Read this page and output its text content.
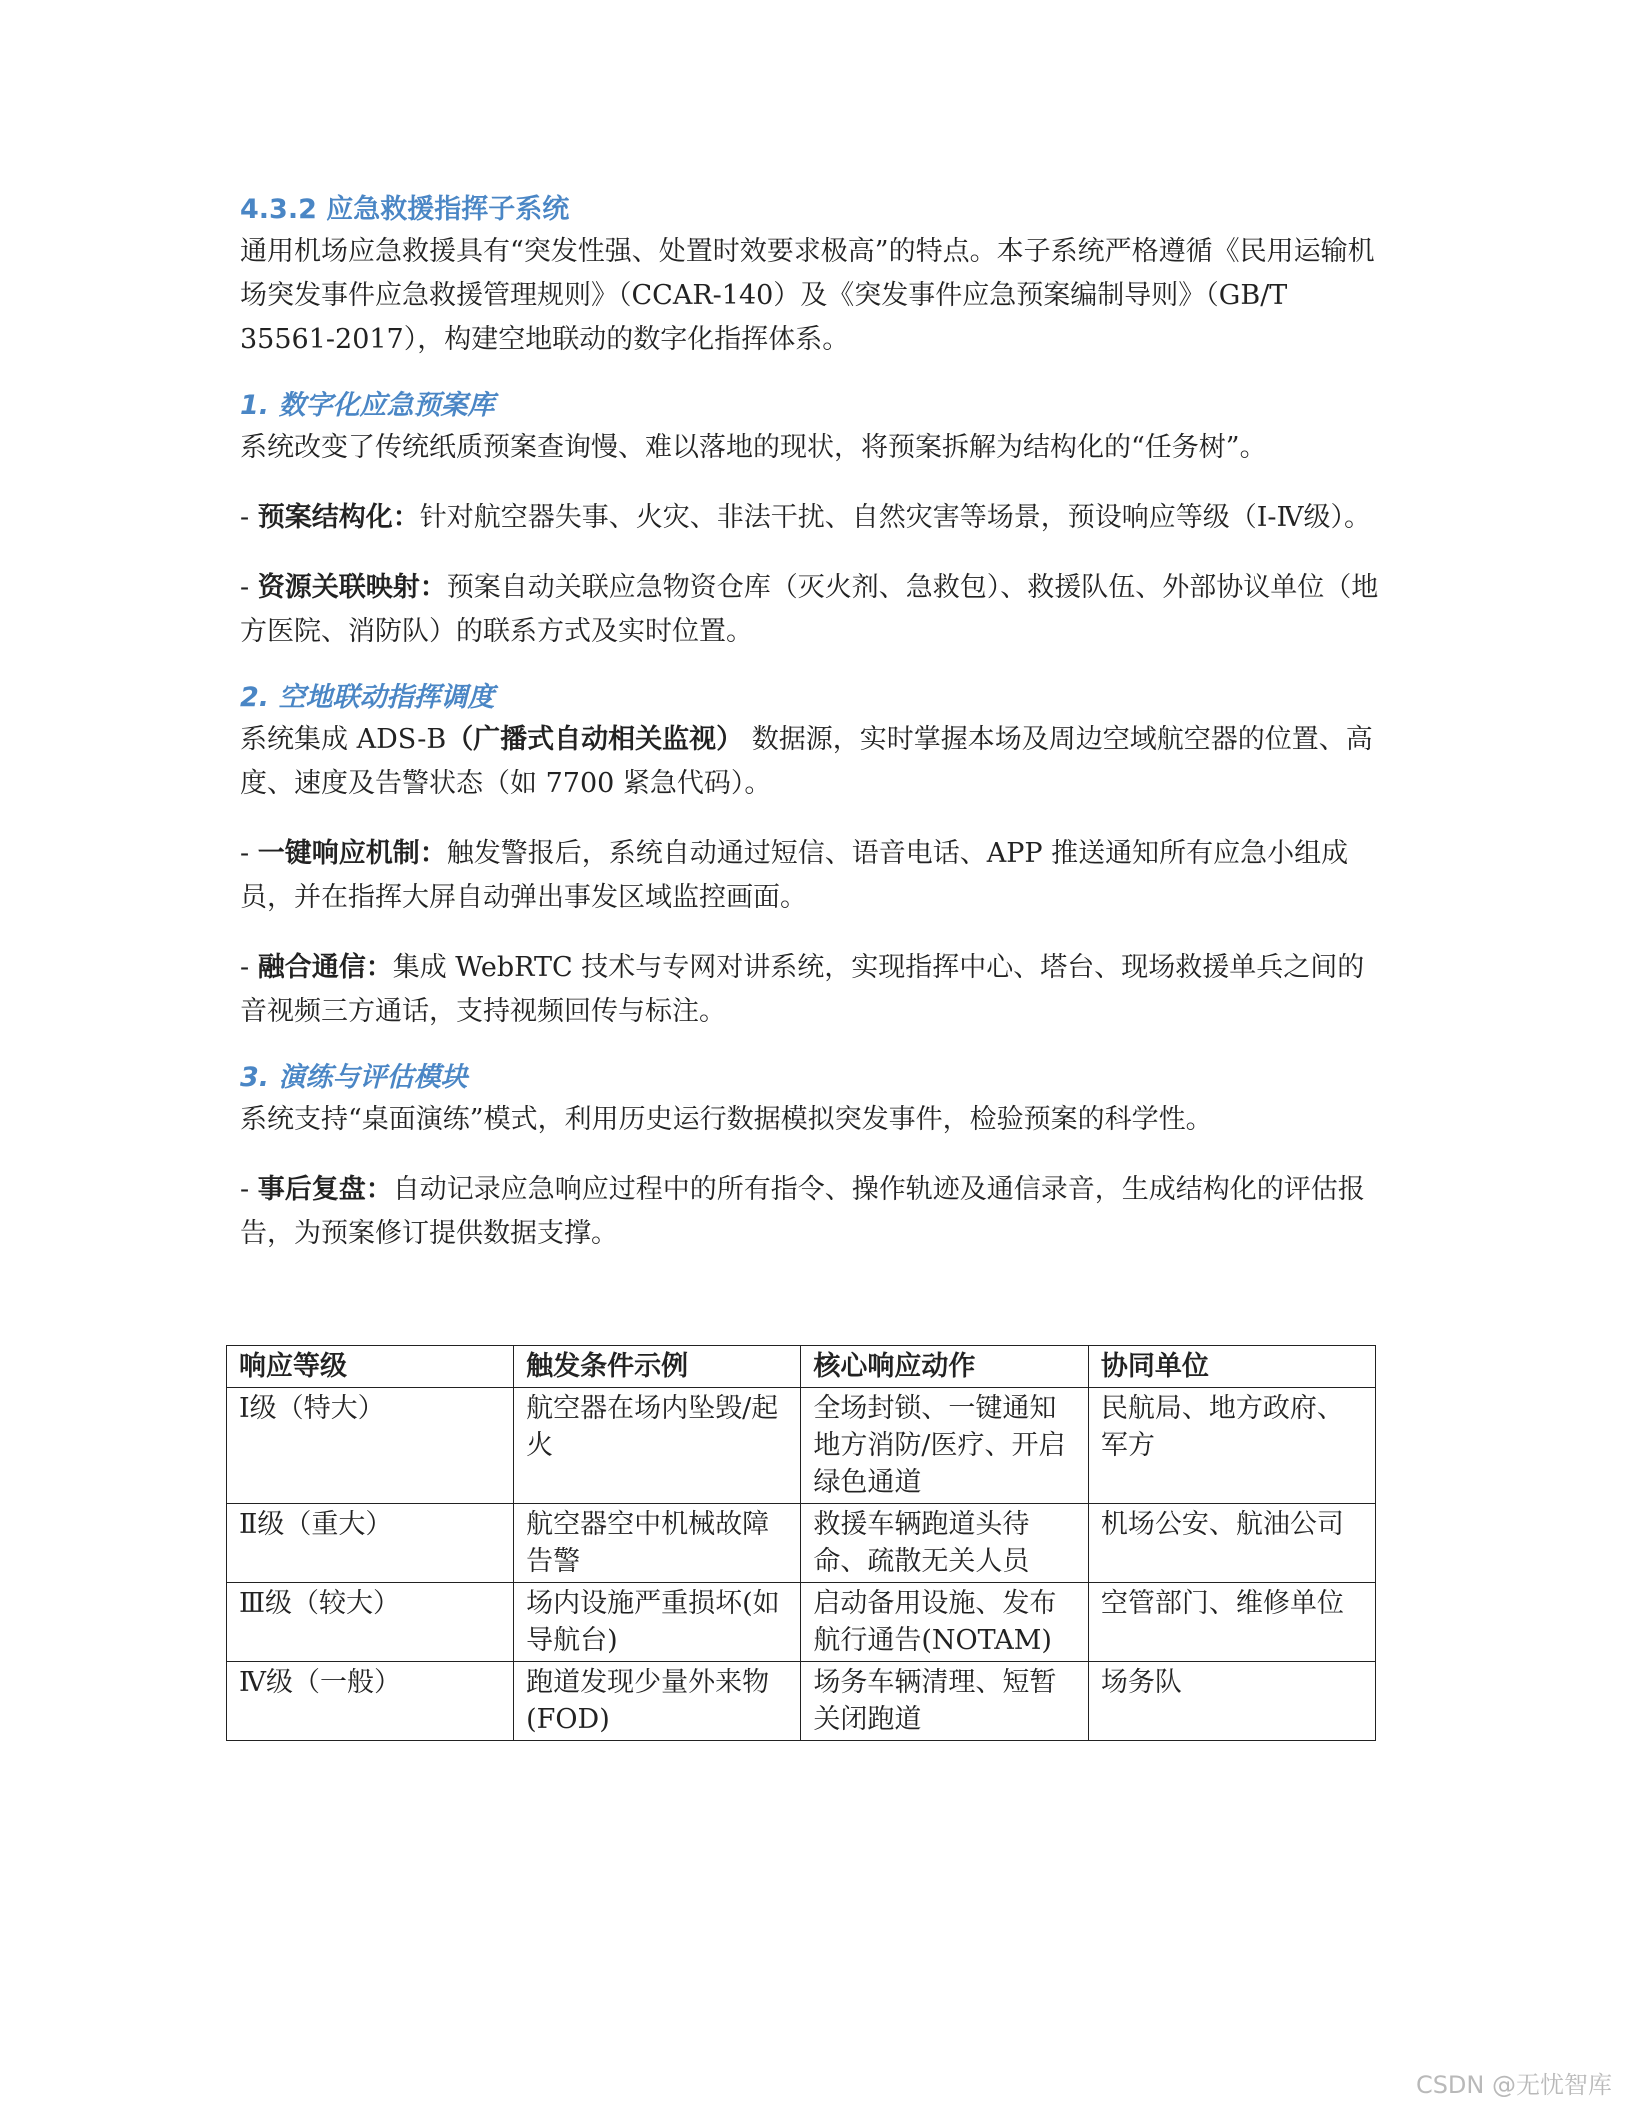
4.3.2 应急救援指挥子系统

通用机场应急救援具有“突发性强、处置时效要求极高”的特点。本子系统严格遵循《民用运输机场突发事件应急救援管理规则》（CCAR-140）及《突发事件应急预案编制导则》（GB/T 35561-2017），构建空地联动的数字化指挥体系。

1. 数字化应急预案库

系统改变了传统纸质预案查询慢、难以落地的现状，将预案拆解为结构化的“任务树”。

- 预案结构化：针对航空器失事、火灾、非法干扰、自然灾害等场景，预设响应等级（Ⅰ-Ⅳ级）。

- 资源关联映射：预案自动关联应急物资仓库（灭火剂、急救包）、救援队伍、外部协议单位（地方医院、消防队）的联系方式及实时位置。

2. 空地联动指挥调度

系统集成 ADS-B（广播式自动相关监视） 数据源，实时掌握本场及周边空域航空器的位置、高度、速度及告警状态（如 7700 紧急代码）。

- 一键响应机制：触发警报后，系统自动通过短信、语音电话、APP 推送通知所有应急小组成员，并在指挥大屏自动弹出事发区域监控画面。

- 融合通信：集成 WebRTC 技术与专网对讲系统，实现指挥中心、塔台、现场救援单兵之间的音视频三方通话，支持视频回传与标注。

3. 演练与评估模块

系统支持“桌面演练”模式，利用历史运行数据模拟突发事件，检验预案的科学性。

- 事后复盘：自动记录应急响应过程中的所有指令、操作轨迹及通信录音，生成结构化的评估报告，为预案修订提供数据支撑。

响应等级	触发条件示例	核心响应动作	协同单位
Ⅰ级（特大）	航空器在场内坠毁/起火	全场封锁、一键通知地方消防/医疗、开启绿色通道	民航局、地方政府、军方
Ⅱ级（重大）	航空器空中机械故障告警	救援车辆跑道头待命、疏散无关人员	机场公安、航油公司
Ⅲ级（较大）	场内设施严重损坏(如导航台)	启动备用设施、发布航行通告(NOTAM)	空管部门、维修单位
Ⅳ级（一般）	跑道发现少量外来物(FOD)	场务车辆清理、短暂关闭跑道	场务队
CSDN @无忧智库
